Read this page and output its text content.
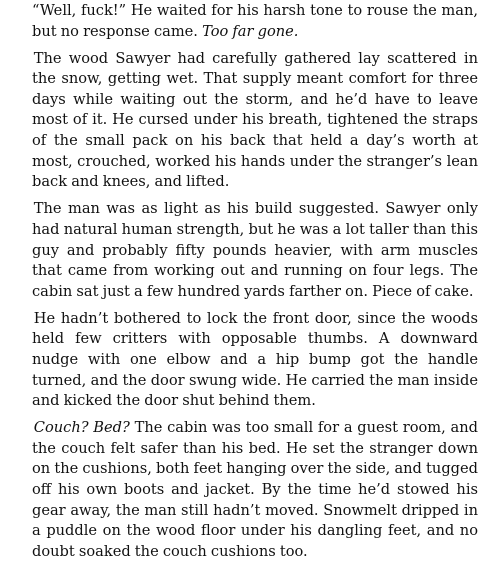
“Well, fuck!” He waited for his harsh tone to rouse the man, but no response came. Too far gone.

The wood Sawyer had carefully gathered lay scattered in the snow, getting wet. That supply meant comfort for three days while waiting out the storm, and he’d have to leave most of it. He cursed under his breath, tightened the straps of the small pack on his back that held a day’s worth at most, crouched, worked his hands under the stranger’s lean back and knees, and lifted.

The man was as light as his build suggested. Sawyer only had natural human strength, but he was a lot taller than this guy and probably fifty pounds heavier, with arm muscles that came from working out and running on four legs. The cabin sat just a few hundred yards farther on. Piece of cake.

He hadn’t bothered to lock the front door, since the woods held few critters with opposable thumbs. A downward nudge with one elbow and a hip bump got the handle turned, and the door swung wide. He carried the man inside and kicked the door shut behind them.

Couch? Bed? The cabin was too small for a guest room, and the couch felt safer than his bed. He set the stranger down on the cushions, both feet hanging over the side, and tugged off his own boots and jacket. By the time he’d stowed his gear away, the man still hadn’t moved. Snowmelt dripped in a puddle on the wood floor under his dangling feet, and no doubt soaked the couch cushions too.
